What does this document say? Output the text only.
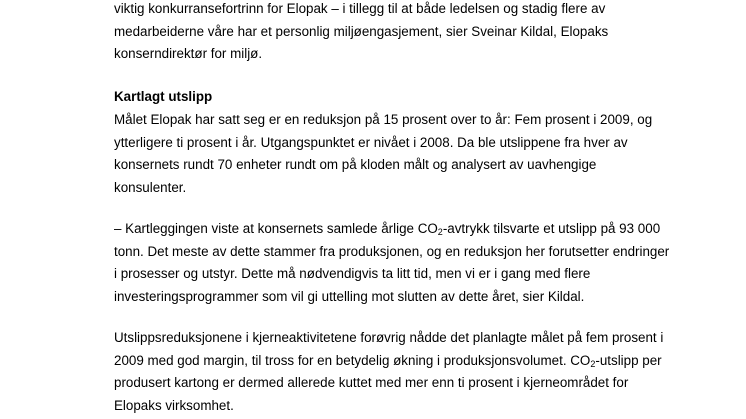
viktig konkurransefortrinn for Elopak – i tillegg til at både ledelsen og stadig flere av
medarbeiderne våre har et personlig miljøengasjement, sier Sveinar Kildal, Elopaks
konserndirektør for miljø.
Kartlagt utslipp
Målet Elopak har satt seg er en reduksjon på 15 prosent over to år: Fem prosent i 2009, og
ytterligere ti prosent i år. Utgangspunktet er nivået i 2008. Da ble utslippene fra hver av
konsernets rundt 70 enheter rundt om på kloden målt og analysert av uavhengige
konsulenter.
– Kartleggingen viste at konsernets samlede årlige $CO_2$-avtrykk tilsvarte et utslipp på 93 000
tonn. Det meste av dette stammer fra produksjonen, og en reduksjon her forutsetter endringer
i prosesser og utstyr. Dette må nødvendigvis ta litt tid, men vi er i gang med flere
investeringsprogrammer som vil gi uttelling mot slutten av dette året, sier Kildal.
Utslippsreduksjonene i kjerneaktivitetene forøvrig nådde det planlagte målet på fem prosent i
2009 med god margin, til tross for en betydelig økning i produksjonsvolumet. $CO_2$-utslipp per
produsert kartong er dermed allerede kuttet med mer enn ti prosent i kjerneområdet for
Elopaks virksomhet.
